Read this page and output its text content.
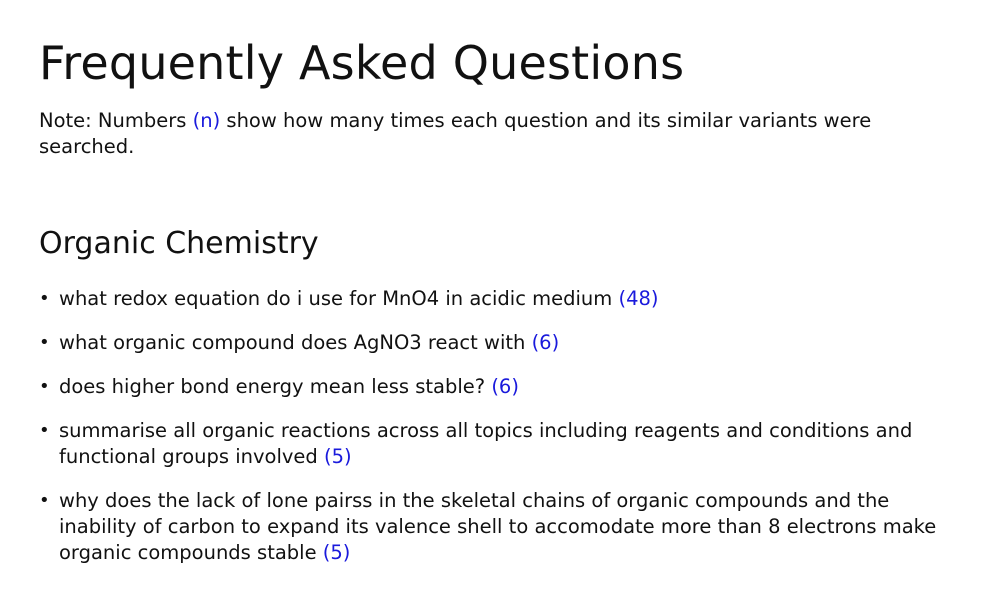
Frequently Asked Questions

Note: Numbers (n) show how many times each question and its similar variants were searched.

Organic Chemistry
• what redox equation do i use for MnO4 in acidic medium (48)
• what organic compound does AgNO3 react with (6)
• does higher bond energy mean less stable? (6)
• summarise all organic reactions across all topics including reagents and conditions and functional groups involved (5)
• why does the lack of lone pairss in the skeletal chains of organic compounds and the inability of carbon to expand its valence shell to accomodate more than 8 electrons make organic compounds stable (5)
